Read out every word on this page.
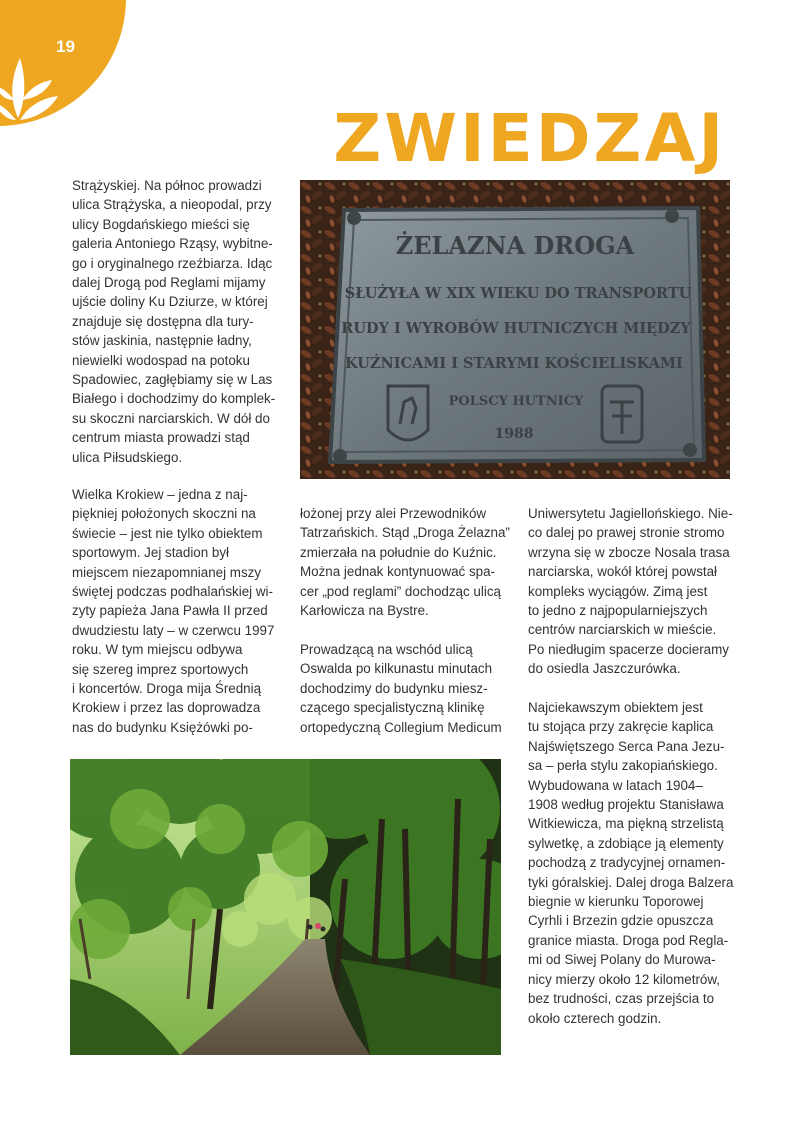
19
ZWIEDZAJ
ŻELAZNA DROGA
SŁUŻYŁA W XIX WIEKU DO TRANSPORTU
RUDY I WYROBÓW HUTNICZYCH MIĘDZY
KUŹNICAMI I STARYMI KOŚCIELISKAMI
POLSCY HUTNICY
1988

Strążyskiej. Na północ prowadzi
ulica Strążyska, a nieopodal, przy
ulicy Bogdańskiego mieści się
galeria Antoniego Rząsy, wybitne-
go i oryginalnego rzeźbiarza. Idąc
dalej Drogą pod Reglami mijamy
ujście doliny Ku Dziurze, w której
znajduje się dostępna dla tury-
stów jaskinia, następnie ładny,
niewielki wodospad na potoku
Spadowiec, zagłębiamy się w Las
Białego i dochodzimy do komplek-
su skoczni narciarskich. W dół do
centrum miasta prowadzi stąd
ulica Piłsudskiego.

Wielka Krokiew – jedna z naj-
piękniej położonych skoczni na
świecie – jest nie tylko obiektem
sportowym. Jej stadion był
miejscem niezapomnianej mszy
świętej podczas podhalańskiej wi-
zyty papieża Jana Pawła II przed
dwudziestu laty – w czerwcu 1997
roku. W tym miejscu odbywa
się szereg imprez sportowych
i koncertów. Droga mija Średnią
Krokiew i przez las doprowadza
nas do budynku Księżówki po-

łożonej przy alei Przewodników
Tatrzańskich. Stąd „Droga Żelazna”
zmierzała na południe do Kuźnic.
Można jednak kontynuować spa-
cer „pod reglami” dochodząc ulicą
Karłowicza na Bystre.

Prowadzącą na wschód ulicą
Oswalda po kilkunastu minutach
dochodzimy do budynku miesz-
czącego specjalistyczną klinikę
ortopedyczną Collegium Medicum

Uniwersytetu Jagiellońskiego. Nie-
co dalej po prawej stronie stromo
wrzyna się w zbocze Nosala trasa
narciarska, wokół której powstał
kompleks wyciągów. Zimą jest
to jedno z najpopularniejszych
centrów narciarskich w mieście.
Po niedługim spacerze docieramy
do osiedla Jaszczurówka.

Najciekawszym obiektem jest
tu stojąca przy zakręcie kaplica
Najświętszego Serca Pana Jezu-
sa – perła stylu zakopiańskiego.
Wybudowana w latach 1904–
1908 według projektu Stanisława
Witkiewicza, ma piękną strzelistą
sylwetkę, a zdobiące ją elementy
pochodzą z tradycyjnej ornamen-
tyki góralskiej. Dalej droga Balzera
biegnie w kierunku Toporowej
Cyrhli i Brzezin gdzie opuszcza
granice miasta. Droga pod Regla-
mi od Siwej Polany do Murowa-
nicy mierzy około 12 kilometrów,
bez trudności, czas przejścia to
około czterech godzin.
